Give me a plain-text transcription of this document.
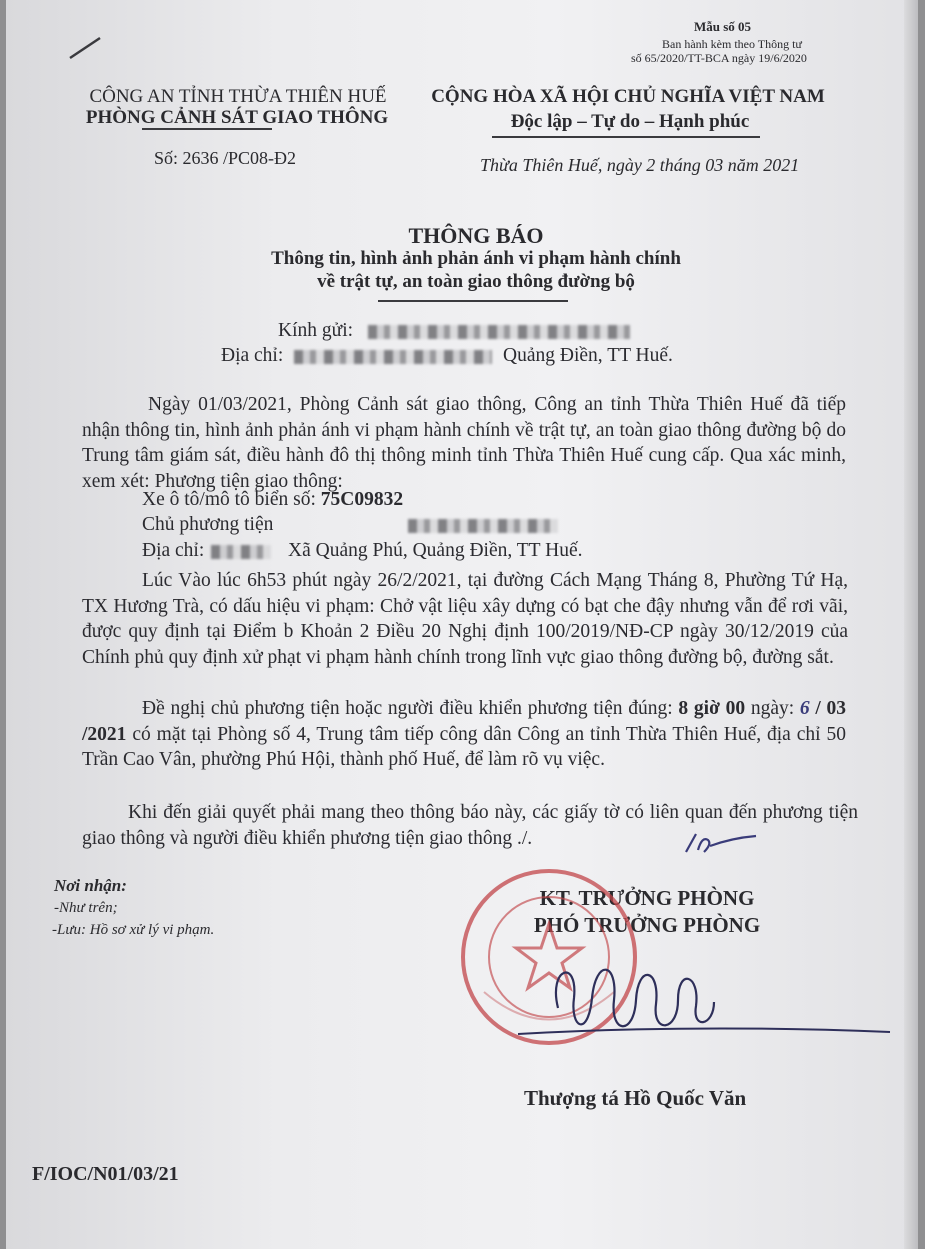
Mẫu số 05
Ban hành kèm theo Thông tư
số 65/2020/TT-BCA ngày 19/6/2020
CÔNG AN TỈNH THỪA THIÊN HUẾ
PHÒNG CẢNH SÁT GIAO THÔNG
Số: 2636 /PC08-Đ2
CỘNG HÒA XÃ HỘI CHỦ NGHĨA VIỆT NAM
Độc lập – Tự do – Hạnh phúc
Thừa Thiên Huế, ngày 2 tháng 03 năm 2021
THÔNG BÁO
Thông tin, hình ảnh phản ánh vi phạm hành chính
về trật tự, an toàn giao thông đường bộ
Kính gửi:
Địa chỉ:	Quảng Điền, TT Huế.
Ngày 01/03/2021, Phòng Cảnh sát giao thông, Công an tỉnh Thừa Thiên Huế đã tiếp nhận thông tin, hình ảnh phản ánh vi phạm hành chính về trật tự, an toàn giao thông đường bộ do Trung tâm giám sát, điều hành đô thị thông minh tỉnh Thừa Thiên Huế cung cấp. Qua xác minh, xem xét: Phương tiện giao thông:
Xe ô tô/mô tô biển số: 75C09832
Chủ phương tiện
Địa chỉ:	Xã Quảng Phú, Quảng Điền, TT Huế.
Lúc Vào lúc 6h53 phút ngày 26/2/2021, tại đường Cách Mạng Tháng 8, Phường Tứ Hạ, TX Hương Trà, có dấu hiệu vi phạm: Chở vật liệu xây dựng có bạt che đậy nhưng vẫn để rơi vãi, được quy định tại Điểm b Khoản 2 Điều 20 Nghị định 100/2019/NĐ-CP ngày 30/12/2019 của Chính phủ quy định xử phạt vi phạm hành chính trong lĩnh vực giao thông đường bộ, đường sắt.
Đề nghị chủ phương tiện hoặc người điều khiển phương tiện đúng: 8 giờ 00 ngày: 6 / 03 /2021 có mặt tại Phòng số 4, Trung tâm tiếp công dân Công an tỉnh Thừa Thiên Huế, địa chỉ 50 Trần Cao Vân, phường Phú Hội, thành phố Huế, để làm rõ vụ việc.
Khi đến giải quyết phải mang theo thông báo này, các giấy tờ có liên quan đến phương tiện giao thông và người điều khiển phương tiện giao thông ./.
Nơi nhận:
-Như trên;
-Lưu: Hồ sơ xử lý vi phạm.
KT. TRƯỞNG PHÒNG
PHÓ TRƯỞNG PHÒNG
Thượng tá Hồ Quốc Văn
F/IOC/N01/03/21
